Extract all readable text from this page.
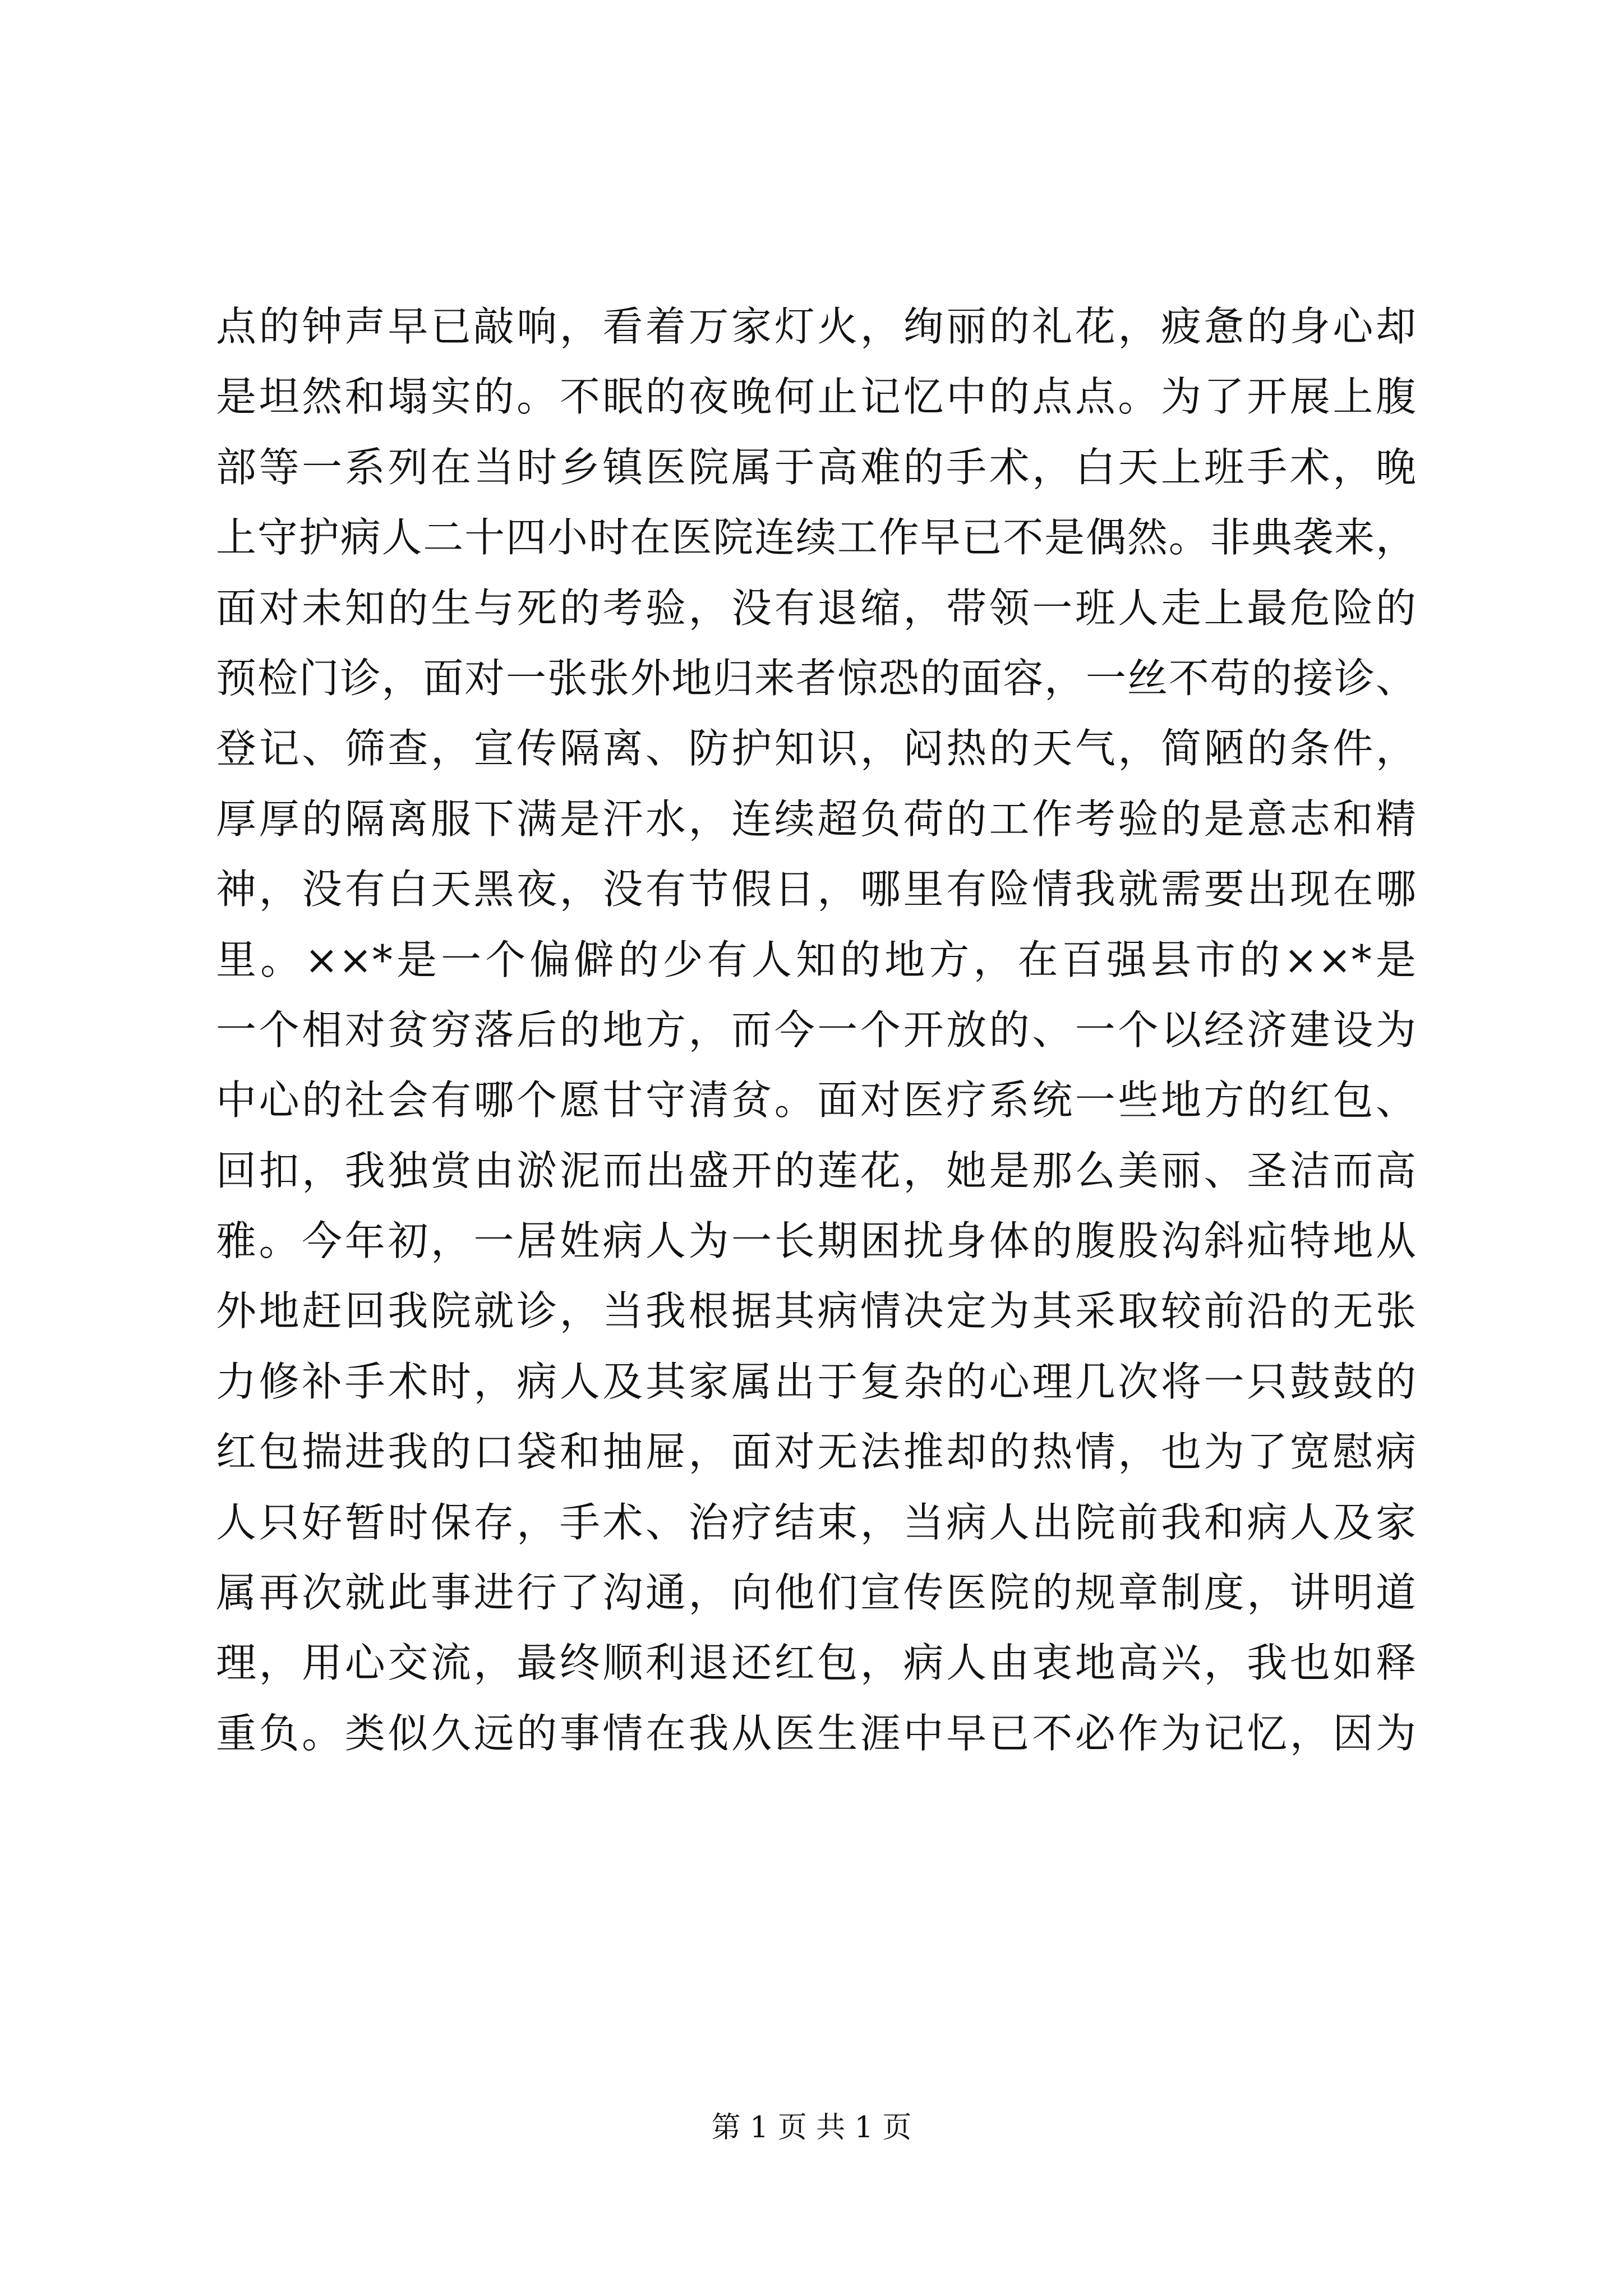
点的钟声早已敲响，看着万家灯火，绚丽的礼花，疲惫的身心却
是坦然和塌实的。不眠的夜晚何止记忆中的点点。为了开展上腹
部等一系列在当时乡镇医院属于高难的手术，白天上班手术，晚
上守护病人二十四小时在医院连续工作早已不是偶然。非典袭来，
面对未知的生与死的考验，没有退缩，带领一班人走上最危险的
预检门诊，面对一张张外地归来者惊恐的面容，一丝不苟的接诊、
登记、筛查，宣传隔离、防护知识，闷热的天气，简陋的条件，
厚厚的隔离服下满是汗水，连续超负荷的工作考验的是意志和精
神，没有白天黑夜，没有节假日，哪里有险情我就需要出现在哪
里。××*是一个偏僻的少有人知的地方，在百强县市的××*是
一个相对贫穷落后的地方，而今一个开放的、一个以经济建设为
中心的社会有哪个愿甘守清贫。面对医疗系统一些地方的红包、
回扣，我独赏由淤泥而出盛开的莲花，她是那么美丽、圣洁而高
雅。今年初，一居姓病人为一长期困扰身体的腹股沟斜疝特地从
外地赶回我院就诊，当我根据其病情决定为其采取较前沿的无张
力修补手术时，病人及其家属出于复杂的心理几次将一只鼓鼓的
红包揣进我的口袋和抽屉，面对无法推却的热情，也为了宽慰病
人只好暂时保存，手术、治疗结束，当病人出院前我和病人及家
属再次就此事进行了沟通，向他们宣传医院的规章制度，讲明道
理，用心交流，最终顺利退还红包，病人由衷地高兴，我也如释
重负。类似久远的事情在我从医生涯中早已不必作为记忆，因为
第 1 页 共 1 页
